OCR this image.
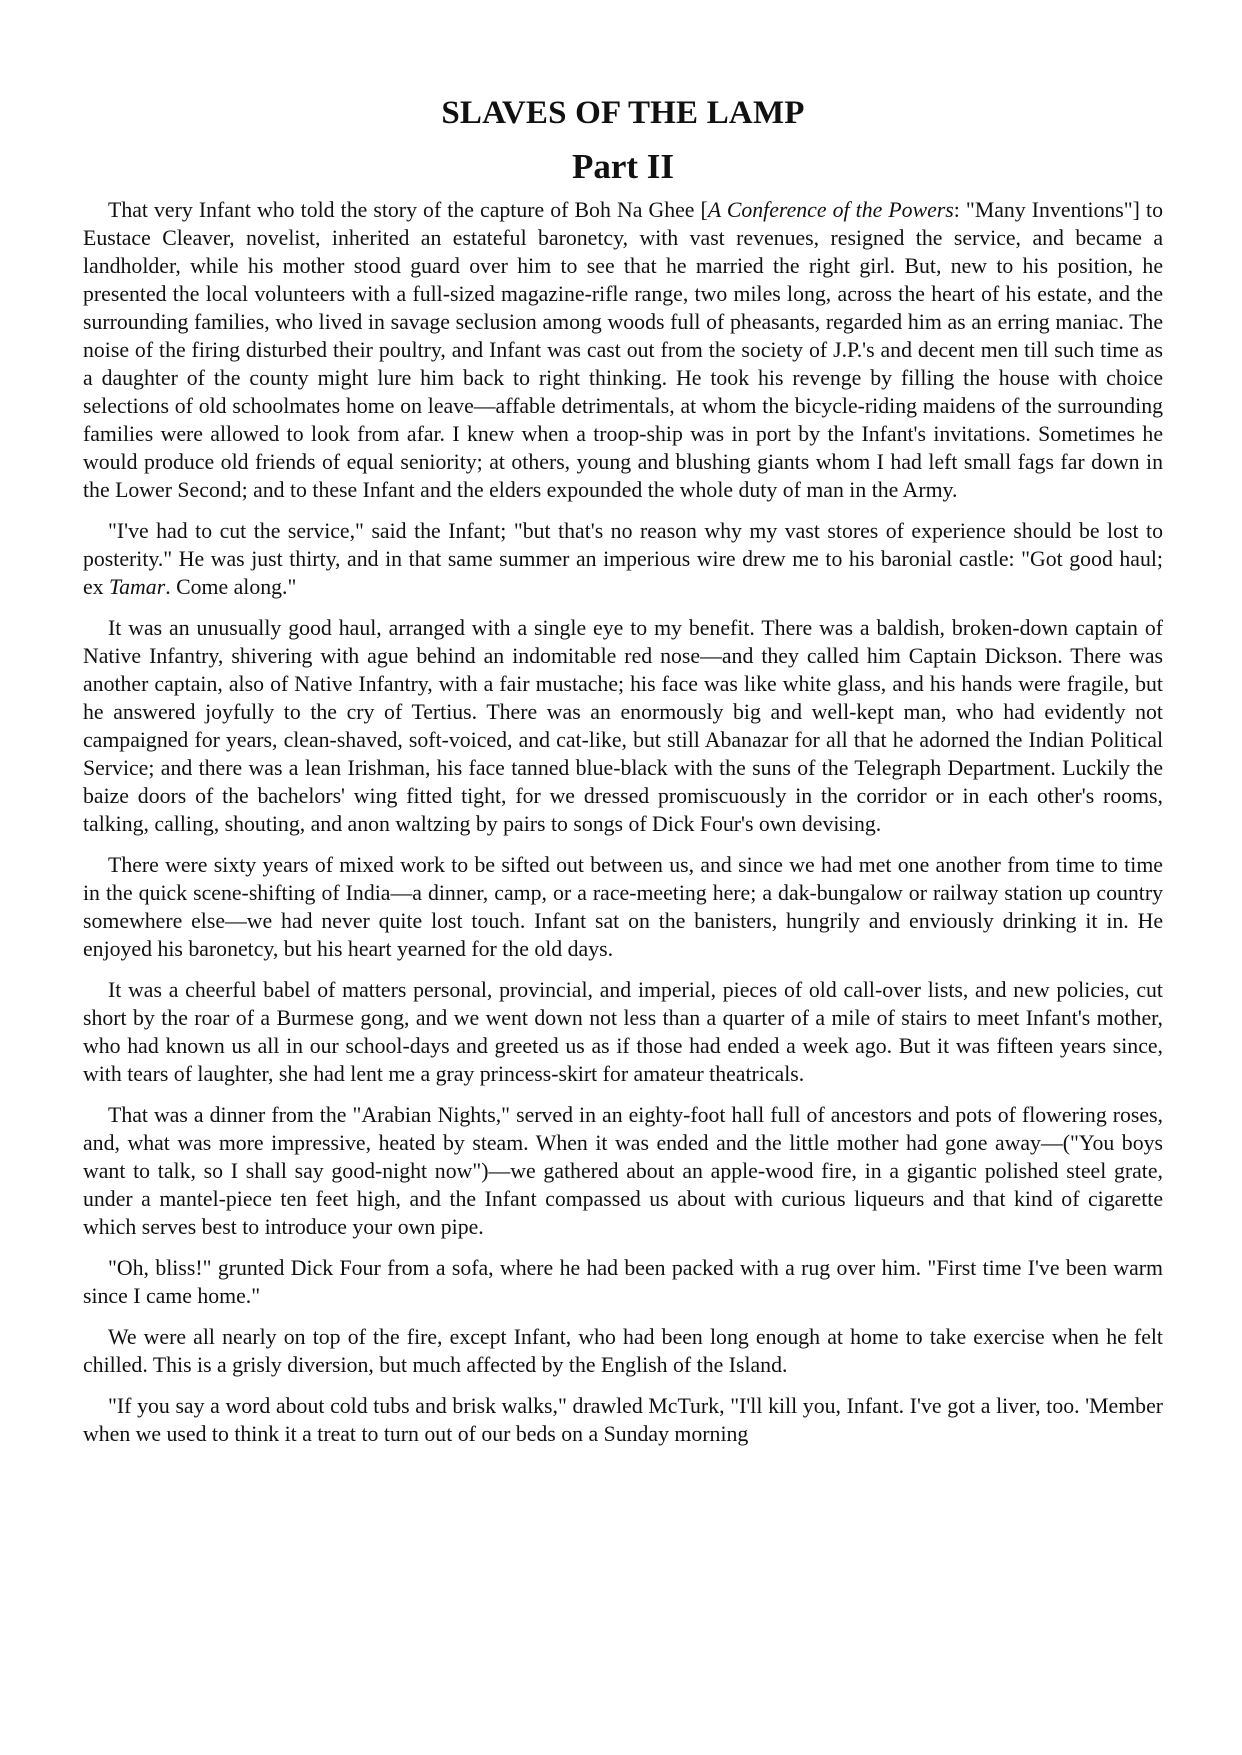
SLAVES OF THE LAMP
Part II

That very Infant who told the story of the capture of Boh Na Ghee [A Conference of the Powers: "Many Inventions"] to Eustace Cleaver, novelist, inherited an estateful baronetcy, with vast revenues, resigned the service, and became a landholder, while his mother stood guard over him to see that he married the right girl. But, new to his position, he presented the local volunteers with a full-sized magazine-rifle range, two miles long, across the heart of his estate, and the surrounding families, who lived in savage seclusion among woods full of pheasants, regarded him as an erring maniac. The noise of the firing disturbed their poultry, and Infant was cast out from the society of J.P.'s and decent men till such time as a daughter of the county might lure him back to right thinking. He took his revenge by filling the house with choice selections of old schoolmates home on leave—affable detrimentals, at whom the bicycle-riding maidens of the surrounding families were allowed to look from afar. I knew when a troop-ship was in port by the Infant's invitations. Sometimes he would produce old friends of equal seniority; at others, young and blushing giants whom I had left small fags far down in the Lower Second; and to these Infant and the elders expounded the whole duty of man in the Army.

"I've had to cut the service," said the Infant; "but that's no reason why my vast stores of experience should be lost to posterity." He was just thirty, and in that same summer an imperious wire drew me to his baronial castle: "Got good haul; ex Tamar. Come along."

It was an unusually good haul, arranged with a single eye to my benefit. There was a baldish, broken-down captain of Native Infantry, shivering with ague behind an indomitable red nose—and they called him Captain Dickson. There was another captain, also of Native Infantry, with a fair mustache; his face was like white glass, and his hands were fragile, but he answered joyfully to the cry of Tertius. There was an enormously big and well-kept man, who had evidently not campaigned for years, clean-shaved, soft-voiced, and cat-like, but still Abanazar for all that he adorned the Indian Political Service; and there was a lean Irishman, his face tanned blue-black with the suns of the Telegraph Department. Luckily the baize doors of the bachelors' wing fitted tight, for we dressed promiscuously in the corridor or in each other's rooms, talking, calling, shouting, and anon waltzing by pairs to songs of Dick Four's own devising.

There were sixty years of mixed work to be sifted out between us, and since we had met one another from time to time in the quick scene-shifting of India—a dinner, camp, or a race-meeting here; a dak-bungalow or railway station up country somewhere else—we had never quite lost touch. Infant sat on the banisters, hungrily and enviously drinking it in. He enjoyed his baronetcy, but his heart yearned for the old days.

It was a cheerful babel of matters personal, provincial, and imperial, pieces of old call-over lists, and new policies, cut short by the roar of a Burmese gong, and we went down not less than a quarter of a mile of stairs to meet Infant's mother, who had known us all in our school-days and greeted us as if those had ended a week ago. But it was fifteen years since, with tears of laughter, she had lent me a gray princess-skirt for amateur theatricals.

That was a dinner from the "Arabian Nights," served in an eighty-foot hall full of ancestors and pots of flowering roses, and, what was more impressive, heated by steam. When it was ended and the little mother had gone away—("You boys want to talk, so I shall say good-night now")—we gathered about an apple-wood fire, in a gigantic polished steel grate, under a mantel-piece ten feet high, and the Infant compassed us about with curious liqueurs and that kind of cigarette which serves best to introduce your own pipe.

"Oh, bliss!" grunted Dick Four from a sofa, where he had been packed with a rug over him. "First time I've been warm since I came home."

We were all nearly on top of the fire, except Infant, who had been long enough at home to take exercise when he felt chilled. This is a grisly diversion, but much affected by the English of the Island.

"If you say a word about cold tubs and brisk walks," drawled McTurk, "I'll kill you, Infant. I've got a liver, too. 'Member when we used to think it a treat to turn out of our beds on a Sunday morning
